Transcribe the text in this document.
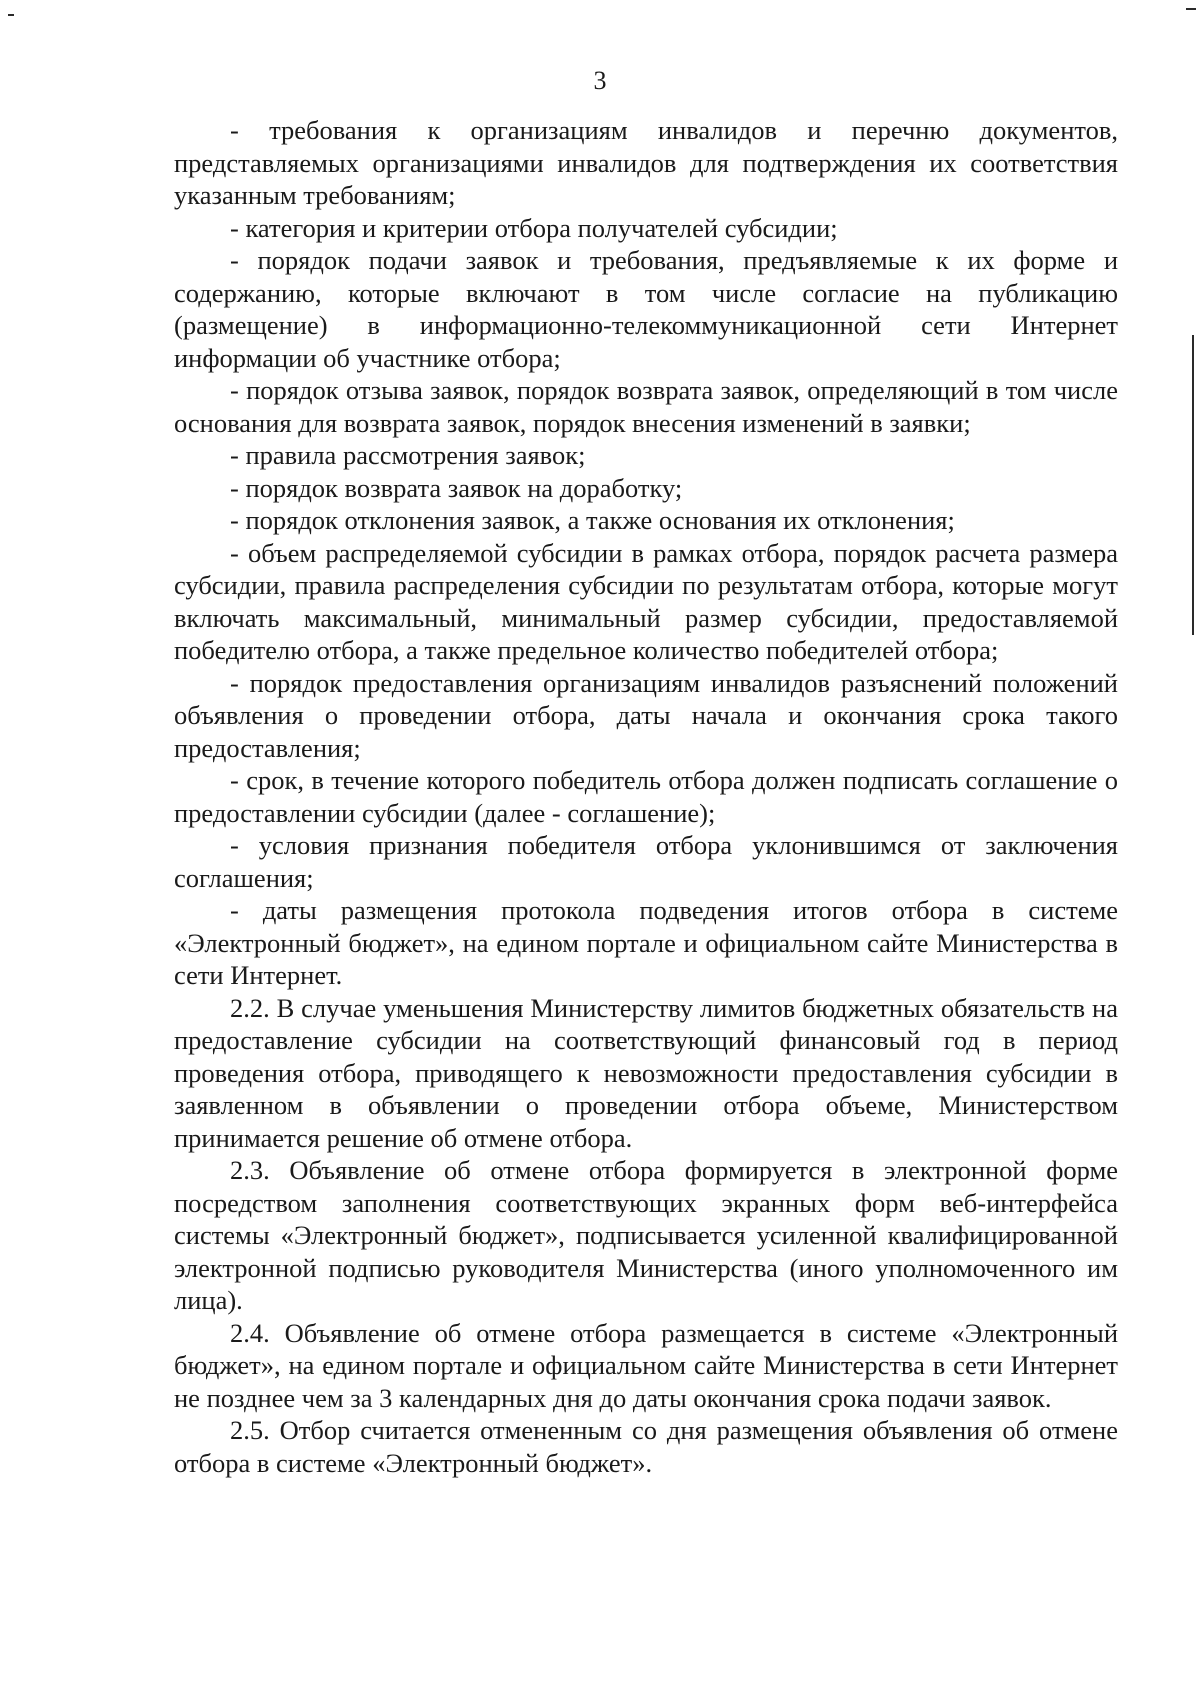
3

- требования к организациям инвалидов и перечню документов, представляемых организациями инвалидов для подтверждения их соответствия указанным требованиям;

- категория и критерии отбора получателей субсидии;

- порядок подачи заявок и требования, предъявляемые к их форме и содержанию, которые включают в том числе согласие на публикацию (размещение) в информационно-телекоммуникационной сети Интернет информации об участнике отбора;

- порядок отзыва заявок, порядок возврата заявок, определяющий в том числе основания для возврата заявок, порядок внесения изменений в заявки;

- правила рассмотрения заявок;

- порядок возврата заявок на доработку;

- порядок отклонения заявок, а также основания их отклонения;

- объем распределяемой субсидии в рамках отбора, порядок расчета размера субсидии, правила распределения субсидии по результатам отбора, которые могут включать максимальный, минимальный размер субсидии, предоставляемой победителю отбора, а также предельное количество победителей отбора;

- порядок предоставления организациям инвалидов разъяснений положений объявления о проведении отбора, даты начала и окончания срока такого предоставления;

- срок, в течение которого победитель отбора должен подписать соглашение о предоставлении субсидии (далее - соглашение);

- условия признания победителя отбора уклонившимся от заключения соглашения;

- даты размещения протокола подведения итогов отбора в системе «Электронный бюджет», на едином портале и официальном сайте Министерства в сети Интернет.

2.2. В случае уменьшения Министерству лимитов бюджетных обязательств на предоставление субсидии на соответствующий финансовый год в период проведения отбора, приводящего к невозможности предоставления субсидии в заявленном в объявлении о проведении отбора объеме, Министерством принимается решение об отмене отбора.

2.3. Объявление об отмене отбора формируется в электронной форме посредством заполнения соответствующих экранных форм веб-интерфейса системы «Электронный бюджет», подписывается усиленной квалифицированной электронной подписью руководителя Министерства (иного уполномоченного им лица).

2.4. Объявление об отмене отбора размещается в системе «Электронный бюджет», на едином портале и официальном сайте Министерства в сети Интернет не позднее чем за 3 календарных дня до даты окончания срока подачи заявок.

2.5. Отбор считается отмененным со дня размещения объявления об отмене отбора в системе «Электронный бюджет».
